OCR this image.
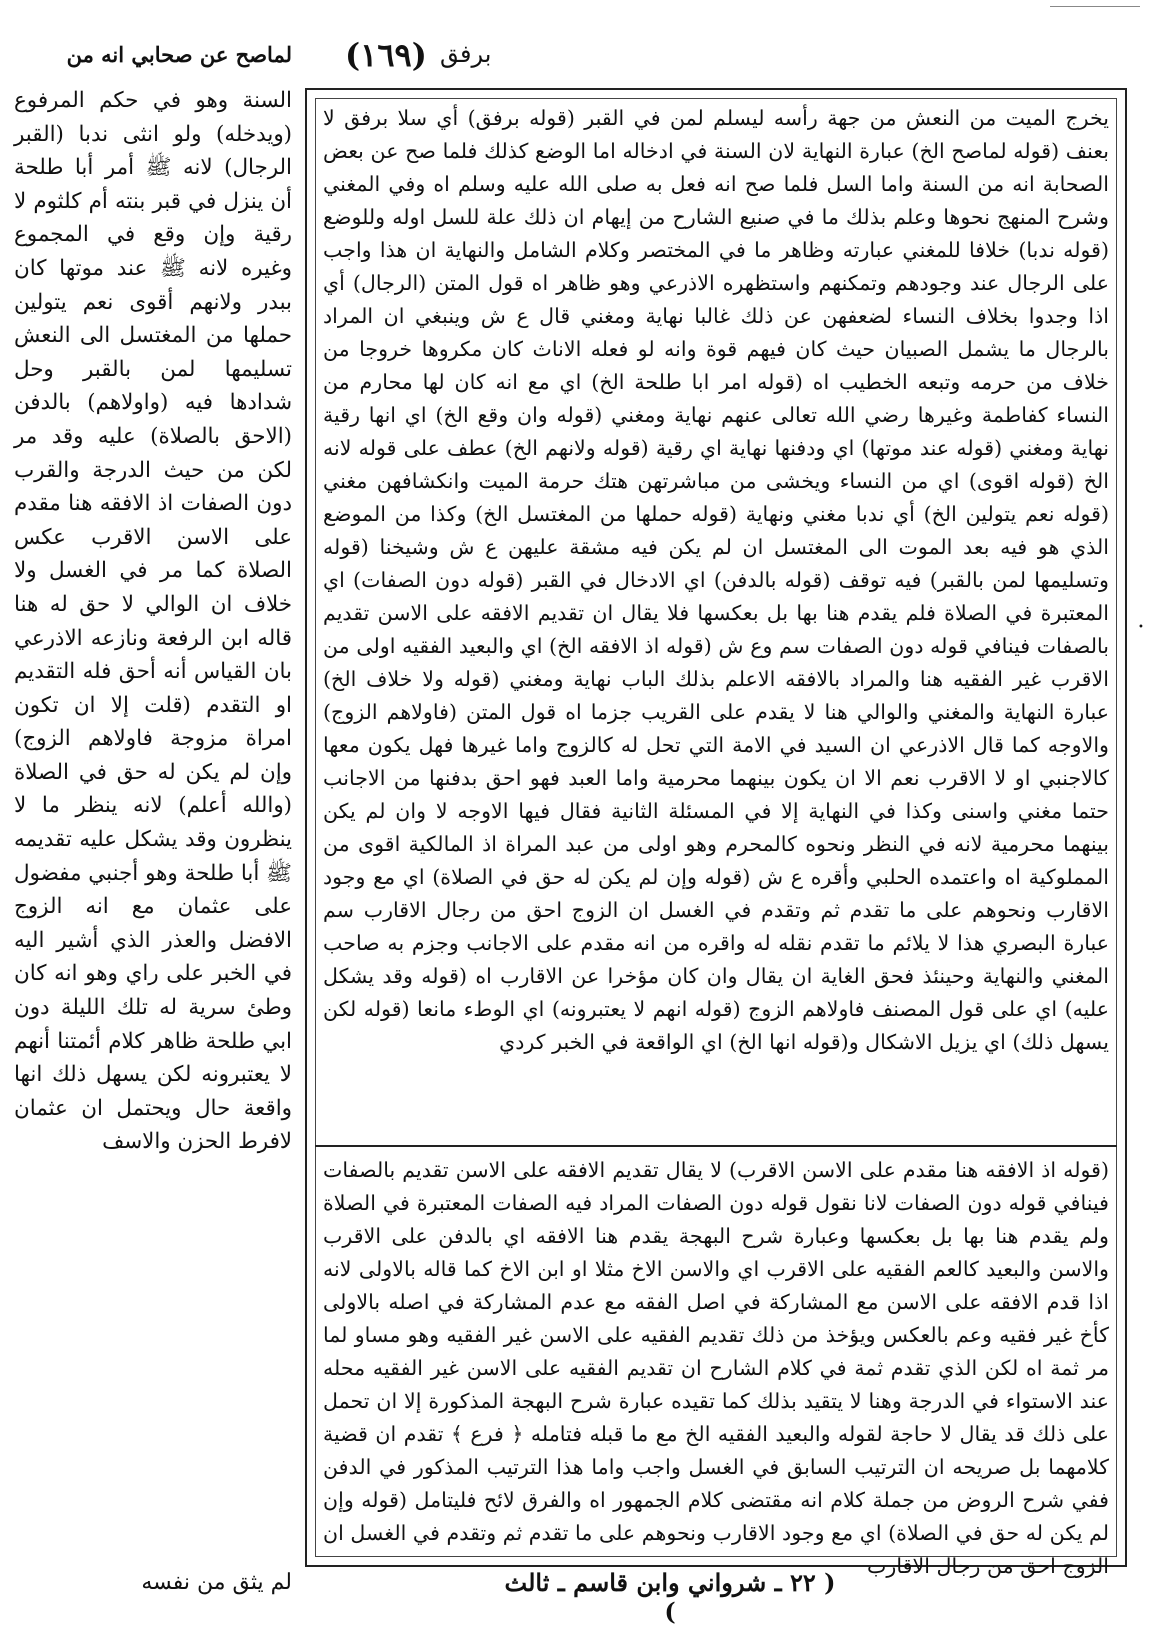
لماصح عن صحابي انه من	برفق
(١٦٩)
السنة وهو في حكم المرفوع (ويدخله) ولو انثى ندبا (القبر الرجال) لانه ﷺ أمر أبا طلحة أن ينزل في قبر بنته أم كلثوم لا رقية وإن وقع في المجموع وغيره لانه ﷺ عند موتها كان ببدر ولانهم أقوى نعم يتولين حملها من المغتسل الى النعش تسليمها لمن بالقبر وحل شدادها فيه (واولاهم) بالدفن (الاحق بالصلاة) عليه وقد مر لكن من حيث الدرجة والقرب دون الصفات اذ الافقه هنا مقدم على الاسن الاقرب عكس الصلاة كما مر في الغسل ولا خلاف ان الوالي لا حق له هنا قاله ابن الرفعة ونازعه الاذرعي بان القياس أنه أحق فله التقديم او التقدم (قلت إلا ان تكون امراة مزوجة فاولاهم الزوج) وإن لم يكن له حق في الصلاة (والله أعلم) لانه ينظر ما لا ينظرون وقد يشكل عليه تقديمه ﷺ أبا طلحة وهو أجنبي مفضول على عثمان مع انه الزوج الافضل والعذر الذي أشير اليه في الخبر على راي وهو انه كان وطئ سرية له تلك الليلة دون ابي طلحة ظاهر كلام أئمتنا أنهم لا يعتبرونه لكن يسهل ذلك انها واقعة حال ويحتمل ان عثمان لافرط الحزن والاسف
يخرج الميت من النعش من جهة رأسه ليسلم لمن في القبر (قوله برفق) أي سلا برفق لا بعنف (قوله لماصح الخ) عبارة النهاية لان السنة في ادخاله اما الوضع كذلك فلما صح عن بعض الصحابة انه من السنة واما السل فلما صح انه فعل به صلى الله عليه وسلم اه وفي المغني وشرح المنهج نحوها وعلم بذلك ما في صنيع الشارح من إيهام ان ذلك علة للسل اوله وللوضع (قوله ندبا) خلافا للمغني عبارته وظاهر ما في المختصر وكلام الشامل والنهاية ان هذا واجب على الرجال عند وجودهم وتمكنهم واستظهره الاذرعي وهو ظاهر اه قول المتن (الرجال) أي اذا وجدوا بخلاف النساء لضعفهن عن ذلك غالبا نهاية ومغني قال ع ش وينبغي ان المراد بالرجال ما يشمل الصبيان حيث كان فيهم قوة وانه لو فعله الاناث كان مكروها خروجا من خلاف من حرمه وتبعه الخطيب اه (قوله امر ابا طلحة الخ) اي مع انه كان لها محارم من النساء كفاطمة وغيرها رضي الله تعالى عنهم نهاية ومغني (قوله وان وقع الخ) اي انها رقية نهاية ومغني (قوله عند موتها) اي ودفنها نهاية اي رقية (قوله ولانهم الخ) عطف على قوله لانه الخ (قوله اقوى) اي من النساء ويخشى من مباشرتهن هتك حرمة الميت وانكشافهن مغني (قوله نعم يتولين الخ) أي ندبا مغني ونهاية (قوله حملها من المغتسل الخ) وكذا من الموضع الذي هو فيه بعد الموت الى المغتسل ان لم يكن فيه مشقة عليهن ع ش وشيخنا (قوله وتسليمها لمن بالقبر) فيه توقف (قوله بالدفن) اي الادخال في القبر (قوله دون الصفات) اي المعتبرة في الصلاة فلم يقدم هنا بها بل بعكسها فلا يقال ان تقديم الافقه على الاسن تقديم بالصفات فينافي قوله دون الصفات سم وع ش (قوله اذ الافقه الخ) اي والبعيد الفقيه اولى من الاقرب غير الفقيه هنا والمراد بالافقه الاعلم بذلك الباب نهاية ومغني (قوله ولا خلاف الخ) عبارة النهاية والمغني والوالي هنا لا يقدم على القريب جزما اه قول المتن (فاولاهم الزوج) والاوجه كما قال الاذرعي ان السيد في الامة التي تحل له كالزوج واما غيرها فهل يكون معها كالاجنبي او لا الاقرب نعم الا ان يكون بينهما محرمية واما العبد فهو احق بدفنها من الاجانب حتما مغني واسنى وكذا في النهاية إلا في المسئلة الثانية فقال فيها الاوجه لا وان لم يكن بينهما محرمية لانه في النظر ونحوه كالمحرم وهو اولى من عبد المراة اذ المالكية اقوى من المملوكية اه واعتمده الحلبي وأقره ع ش (قوله وإن لم يكن له حق في الصلاة) اي مع وجود الاقارب ونحوهم على ما تقدم ثم وتقدم في الغسل ان الزوج احق من رجال الاقارب سم عبارة البصري هذا لا يلائم ما تقدم نقله له واقره من انه مقدم على الاجانب وجزم به صاحب المغني والنهاية وحينئذ فحق الغاية ان يقال وان كان مؤخرا عن الاقارب اه (قوله وقد يشكل عليه) اي على قول المصنف فاولاهم الزوج (قوله انهم لا يعتبرونه) اي الوطء مانعا (قوله لكن يسهل ذلك) اي يزيل الاشكال و(قوله انها الخ) اي الواقعة في الخبر كردي
(قوله اذ الافقه هنا مقدم على الاسن الاقرب) لا يقال تقديم الافقه على الاسن تقديم بالصفات فينافي قوله دون الصفات لانا نقول قوله دون الصفات المراد فيه الصفات المعتبرة في الصلاة ولم يقدم هنا بها بل بعكسها وعبارة شرح البهجة يقدم هنا الافقه اي بالدفن على الاقرب والاسن والبعيد كالعم الفقيه على الاقرب اي والاسن الاخ مثلا او ابن الاخ كما قاله بالاولى لانه اذا قدم الافقه على الاسن مع المشاركة في اصل الفقه مع عدم المشاركة في اصله بالاولى كأخ غير فقيه وعم بالعكس ويؤخذ من ذلك تقديم الفقيه على الاسن غير الفقيه وهو مساو لما مر ثمة اه لكن الذي تقدم ثمة في كلام الشارح ان تقديم الفقيه على الاسن غير الفقيه محله عند الاستواء في الدرجة وهنا لا يتقيد بذلك كما تقيده عبارة شرح البهجة المذكورة إلا ان تحمل على ذلك قد يقال لا حاجة لقوله والبعيد الفقيه الخ مع ما قبله فتامله ﴿ فرع ﴾ تقدم ان قضية كلامهما بل صريحه ان الترتيب السابق في الغسل واجب واما هذا الترتيب المذكور في الدفن ففي شرح الروض من جملة كلام انه مقتضى كلام الجمهور اه والفرق لائح فليتامل (قوله وإن لم يكن له حق في الصلاة) اي مع وجود الاقارب ونحوهم على ما تقدم ثم وتقدم في الغسل ان الزوج احق من رجال الاقارب
•
لم يثق من نفسه	( ٢٢ ـ شرواني وابن قاسم ـ ثالث )
